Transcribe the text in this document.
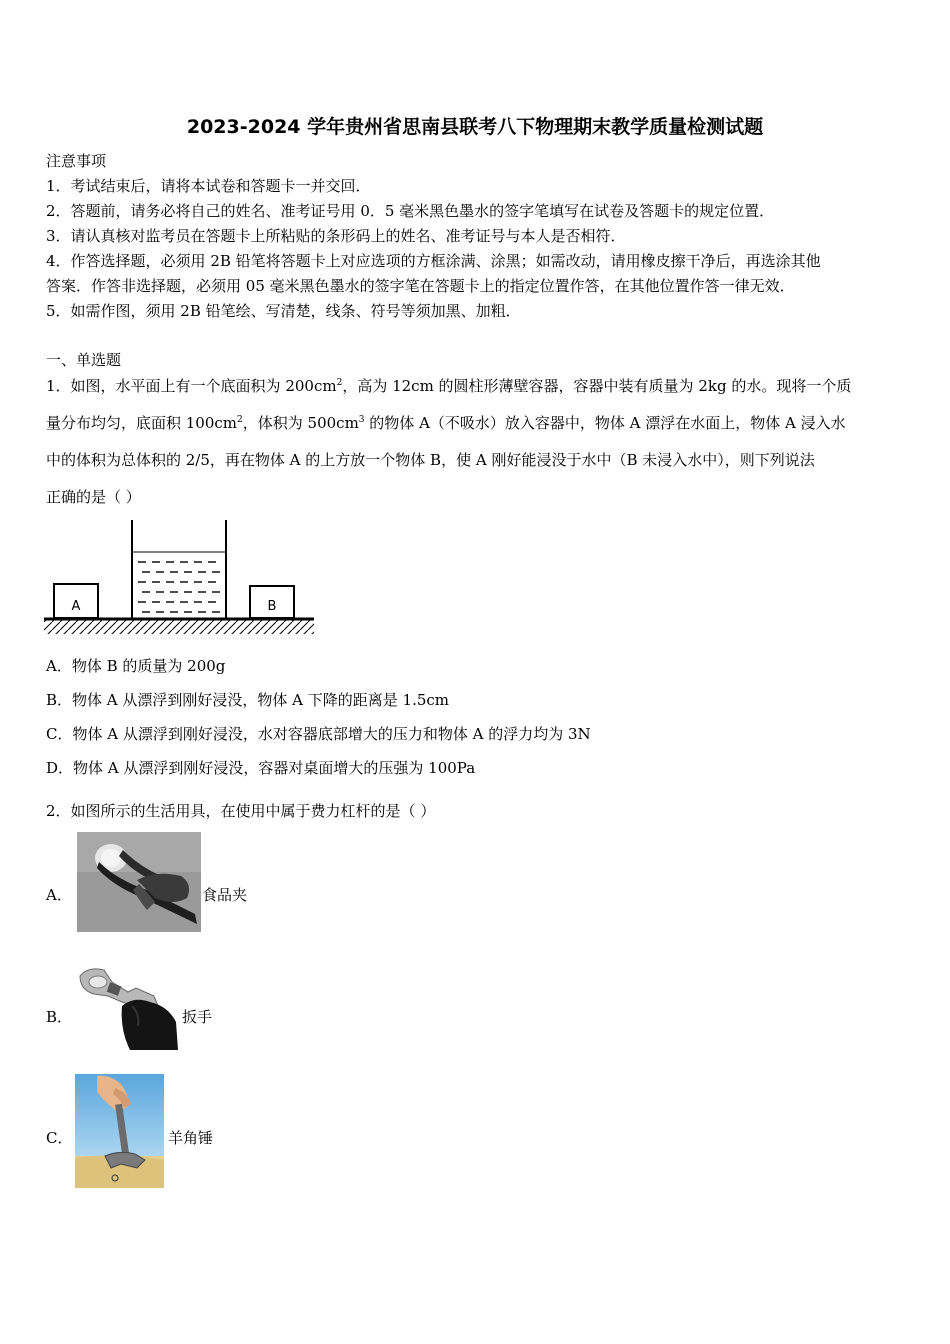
2023-2024 学年贵州省思南县联考八下物理期末教学质量检测试题
注意事项
1．考试结束后，请将本试卷和答题卡一并交回．
2．答题前，请务必将自己的姓名、准考证号用 0．5 毫米黑色墨水的签字笔填写在试卷及答题卡的规定位置．
3．请认真核对监考员在答题卡上所粘贴的条形码上的姓名、准考证号与本人是否相符．
4．作答选择题，必须用 2B 铅笔将答题卡上对应选项的方框涂满、涂黑；如需改动，请用橡皮擦干净后，再选涂其他
答案．作答非选择题，必须用 05 毫米黑色墨水的签字笔在答题卡上的指定位置作答，在其他位置作答一律无效．
5．如需作图，须用 2B 铅笔绘、写清楚，线条、符号等须加黑、加粗．
一、单选题
1．如图，水平面上有一个底面积为 $200cm^2$，高为 12cm 的圆柱形薄壁容器，容器中装有质量为 2kg 的水。现将一个质
量分布均匀，底面积 $100cm^2$，体积为 $500cm^3$ 的物体 A（不吸水）放入容器中，物体 A 漂浮在水面上，物体 A 浸入水
中的体积为总体积的 2/5，再在物体 A 的上方放一个物体 B，使 A 刚好能浸没于水中（B 未浸入水中），则下列说法
正确的是（ ）
A	B
A．物体 B 的质量为 200g
B．物体 A 从漂浮到刚好浸没，物体 A 下降的距离是 1.5cm
C．物体 A 从漂浮到刚好浸没，水对容器底部增大的压力和物体 A 的浮力均为 3N
D．物体 A 从漂浮到刚好浸没，容器对桌面增大的压强为 100Pa
2．如图所示的生活用具，在使用中属于费力杠杆的是（ ）
A．	食品夹
B．	扳手
C．	羊角锤
